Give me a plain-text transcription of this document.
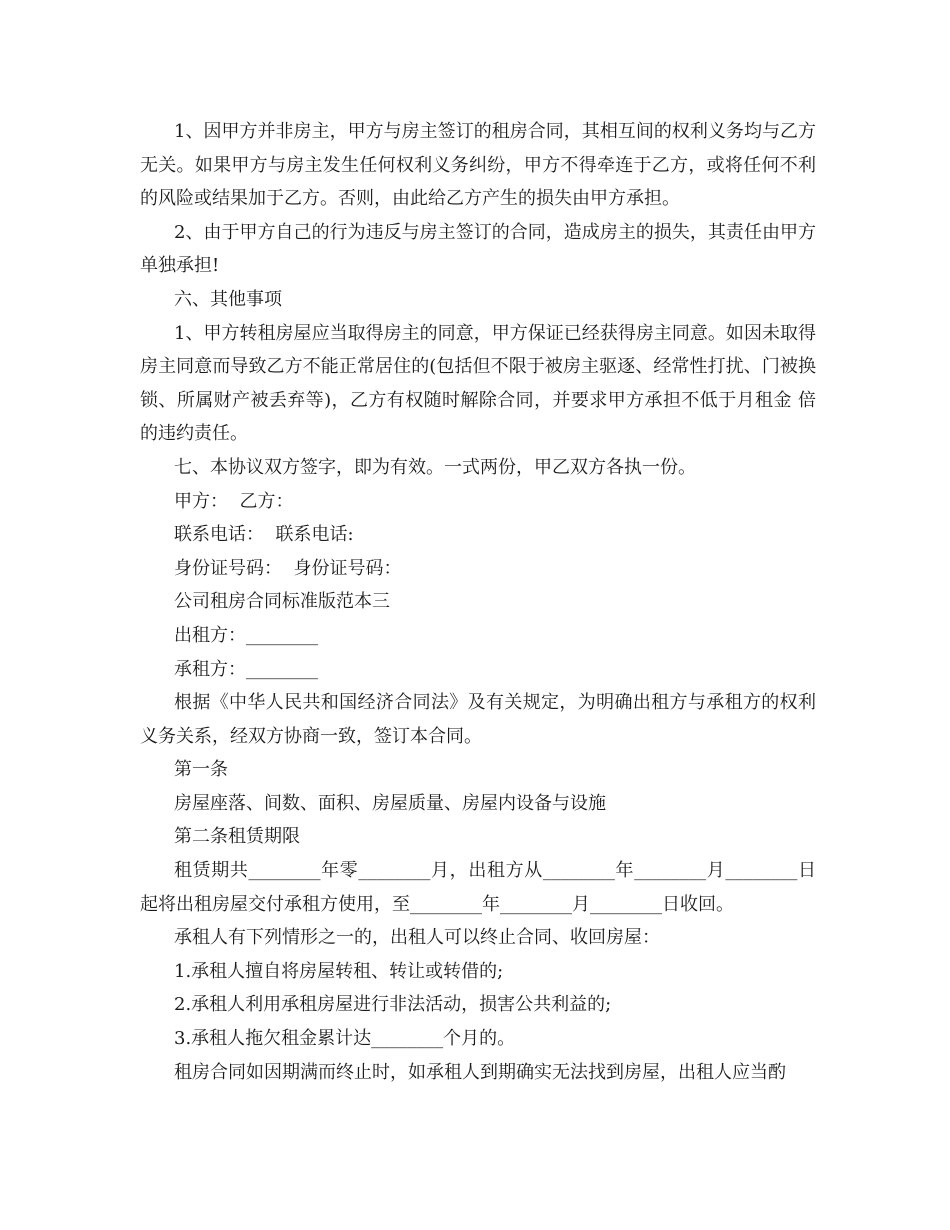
1、因甲方并非房主，甲方与房主签订的租房合同，其相互间的权利义务均与乙方无关。如果甲方与房主发生任何权利义务纠纷，甲方不得牵连于乙方，或将任何不利的风险或结果加于乙方。否则，由此给乙方产生的损失由甲方承担。

2、由于甲方自己的行为违反与房主签订的合同，造成房主的损失，其责任由甲方单独承担!

六、其他事项

1、甲方转租房屋应当取得房主的同意，甲方保证已经获得房主同意。如因未取得房主同意而导致乙方不能正常居住的(包括但不限于被房主驱逐、经常性打扰、门被换锁、所属财产被丢弃等)，乙方有权随时解除合同，并要求甲方承担不低于月租金 倍的违约责任。

七、本协议双方签字，即为有效。一式两份，甲乙双方各执一份。

甲方：  乙方：

联系电话：  联系电话:

身份证号码：  身份证号码：

公司租房合同标准版范本三

出租方：________

承租方：________

根据《中华人民共和国经济合同法》及有关规定，为明确出租方与承租方的权利义务关系，经双方协商一致，签订本合同。

第一条

房屋座落、间数、面积、房屋质量、房屋内设备与设施

第二条租赁期限

租赁期共________年零________月，出租方从________年________月________日起将出租房屋交付承租方使用，至________年________月________日收回。

承租人有下列情形之一的，出租人可以终止合同、收回房屋：

1.承租人擅自将房屋转租、转让或转借的;

2.承租人利用承租房屋进行非法活动，损害公共利益的;

3.承租人拖欠租金累计达________个月的。

租房合同如因期满而终止时，如承租人到期确实无法找到房屋，出租人应当酌
